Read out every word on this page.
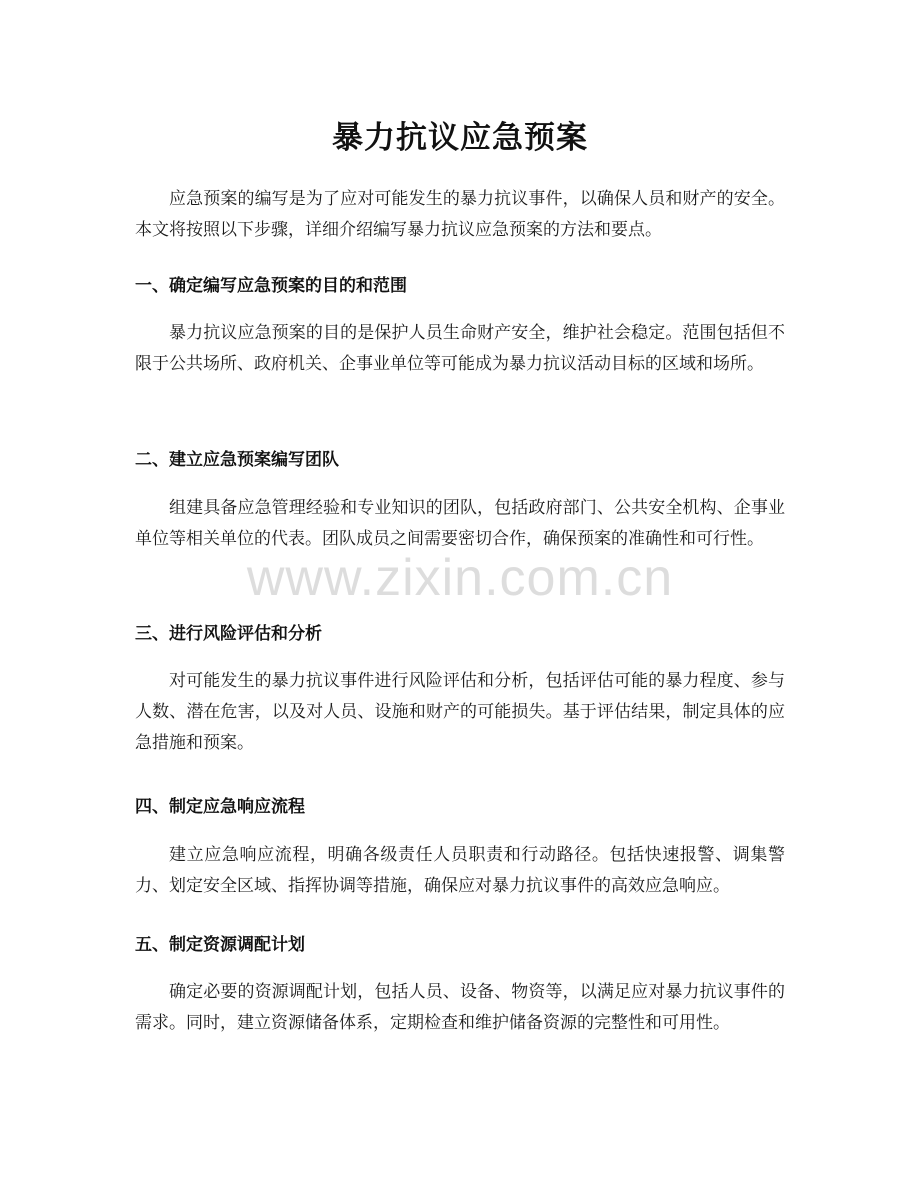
暴力抗议应急预案

应急预案的编写是为了应对可能发生的暴力抗议事件，以确保人员和财产的安全。本文将按照以下步骤，详细介绍编写暴力抗议应急预案的方法和要点。

一、确定编写应急预案的目的和范围

暴力抗议应急预案的目的是保护人员生命财产安全，维护社会稳定。范围包括但不限于公共场所、政府机关、企事业单位等可能成为暴力抗议活动目标的区域和场所。

二、建立应急预案编写团队

组建具备应急管理经验和专业知识的团队，包括政府部门、公共安全机构、企事业单位等相关单位的代表。团队成员之间需要密切合作，确保预案的准确性和可行性。

三、进行风险评估和分析

对可能发生的暴力抗议事件进行风险评估和分析，包括评估可能的暴力程度、参与人数、潜在危害，以及对人员、设施和财产的可能损失。基于评估结果，制定具体的应急措施和预案。

四、制定应急响应流程

建立应急响应流程，明确各级责任人员职责和行动路径。包括快速报警、调集警力、划定安全区域、指挥协调等措施，确保应对暴力抗议事件的高效应急响应。

五、制定资源调配计划

确定必要的资源调配计划，包括人员、设备、物资等，以满足应对暴力抗议事件的需求。同时，建立资源储备体系，定期检查和维护储备资源的完整性和可用性。

www.zixin.com.cn
